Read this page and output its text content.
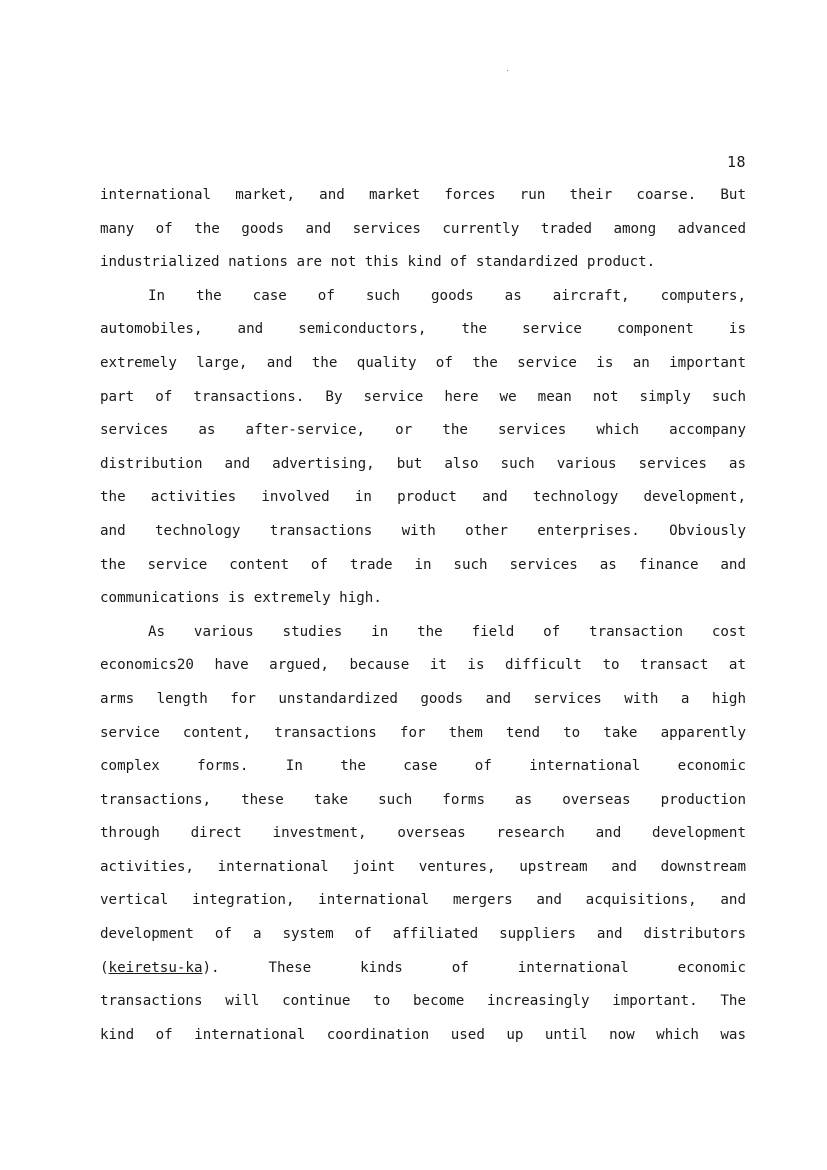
18
international market, and market forces run their coarse. But
many of the goods and services currently traded among advanced
industrialized nations are not this kind of standardized product.
In the case of such goods as aircraft, computers,
automobiles, and semiconductors, the service component is
extremely large, and the quality of the service is an important
part of transactions. By service here we mean not simply such
services as after-service, or the services which accompany
distribution and advertising, but also such various services as
the activities involved in product and technology development,
and technology transactions with other enterprises. Obviously
the service content of trade in such services as finance and
communications is extremely high.
As various studies in the field of transaction cost
economics20 have argued, because it is difficult to transact at
arms length for unstandardized goods and services with a high
service content, transactions for them tend to take apparently
complex forms. In the case of international economic
transactions, these take such forms as overseas production
through direct investment, overseas research and development
activities, international joint ventures, upstream and downstream
vertical integration, international mergers and acquisitions, and
development of a system of affiliated suppliers and distributors
(keiretsu-ka). These kinds of international economic
transactions will continue to become increasingly important. The
kind of international coordination used up until now which was
